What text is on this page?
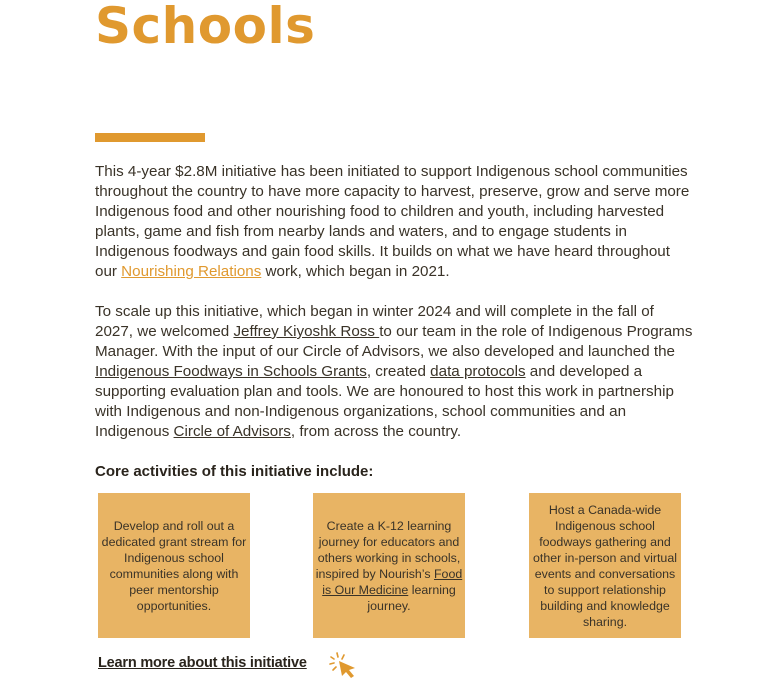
Schools

This 4-year $2.8M initiative has been initiated to support Indigenous school communities throughout the country to have more capacity to harvest, preserve, grow and serve more Indigenous food and other nourishing food to children and youth, including harvested plants, game and fish from nearby lands and waters, and to engage students in Indigenous foodways and gain food skills. It builds on what we have heard throughout our Nourishing Relations work, which began in 2021.

To scale up this initiative, which began in winter 2024 and will complete in the fall of 2027, we welcomed Jeffrey Kiyoshk Ross to our team in the role of Indigenous Programs Manager. With the input of our Circle of Advisors, we also developed and launched the Indigenous Foodways in Schools Grants, created data protocols and developed a supporting evaluation plan and tools. We are honoured to host this work in partnership with Indigenous and non-Indigenous organizations, school communities and an Indigenous Circle of Advisors, from across the country.

Core activities of this initiative include:
Develop and roll out a dedicated grant stream for Indigenous school communities along with peer mentorship opportunities.
Create a K-12 learning journey for educators and others working in schools, inspired by Nourish’s Food is Our Medicine learning journey.
Host a Canada-wide Indigenous school foodways gathering and other in-person and virtual events and conversations to support relationship building and knowledge sharing.
Learn more about this initiative
